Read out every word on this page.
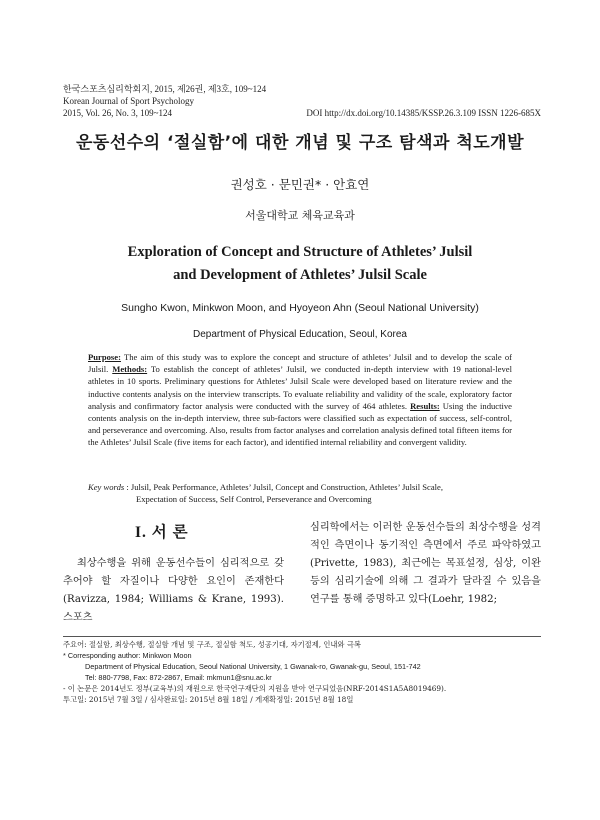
한국스포츠심리학회지, 2015, 제26권, 제3호, 109~124
Korean Journal of Sport Psychology
2015, Vol. 26, No. 3, 109~124	DOI http://dx.doi.org/10.14385/KSSP.26.3.109 ISSN 1226-685X
운동선수의 ‘절실함’에 대한 개념 및 구조 탐색과 척도개발
권성호 · 문민권* · 안효연
서울대학교 체육교육과
Exploration of Concept and Structure of Athletes’ Julsil
and Development of Athletes’ Julsil Scale
Sungho Kwon, Minkwon Moon, and Hyoyeon Ahn (Seoul National University)
Department of Physical Education, Seoul, Korea
Purpose: The aim of this study was to explore the concept and structure of athletes’ Julsil and to develop the scale of Julsil. Methods: To establish the concept of athletes’ Julsil, we conducted in-depth interview with 19 national-level athletes in 10 sports. Preliminary questions for Athletes’ Julsil Scale were developed based on literature review and the inductive contents analysis on the interview transcripts. To evaluate reliability and validity of the scale, exploratory factor analysis and confirmatory factor analysis were conducted with the survey of 464 athletes. Results: Using the inductive contents analysis on the in-depth interview, three sub-factors were classified such as expectation of success, self-control, and perseverance and overcoming. Also, results from factor analyses and correlation analysis defined total fifteen items for the Athletes’ Julsil Scale (five items for each factor), and identified internal reliability and convergent validity.
Key words : Julsil, Peak Performance, Athletes’ Julsil, Concept and Construction, Athletes’ Julsil Scale,
Expectation of Success, Self Control, Perseverance and Overcoming
I. 서 론
최상수행을 위해 운동선수들이 심리적으로 갖추어야 할 자질이나 다양한 요인이 존재한다(Ravizza, 1984; Williams & Krane, 1993). 스포츠
심리학에서는 이러한 운동선수들의 최상수행을 성격적인 측면이나 동기적인 측면에서 주로 파악하였고(Privette, 1983), 최근에는 목표설정, 심상, 이완 등의 심리기술에 의해 그 결과가 달라질 수 있음을 연구를 통해 증명하고 있다(Loehr, 1982;
주요어: 절실함, 최상수행, 절실함 개념 및 구조, 절실함 척도, 성공기대, 자기절제, 인내와 극복
* Corresponding author: Minkwon Moon
Department of Physical Education, Seoul National University, 1 Gwanak-ro, Gwanak-gu, Seoul, 151-742
Tel: 880-7798, Fax: 872-2867, Email: mkmun1@snu.ac.kr
- 이 논문은 2014년도 정부(교육부)의 재원으로 한국연구재단의 지원을 받아 연구되었음(NRF-2014S1A5A8019469).
투고일: 2015년 7월 3일 / 심사완료일: 2015년 8월 18일 / 게재확정일: 2015년 8월 18일
